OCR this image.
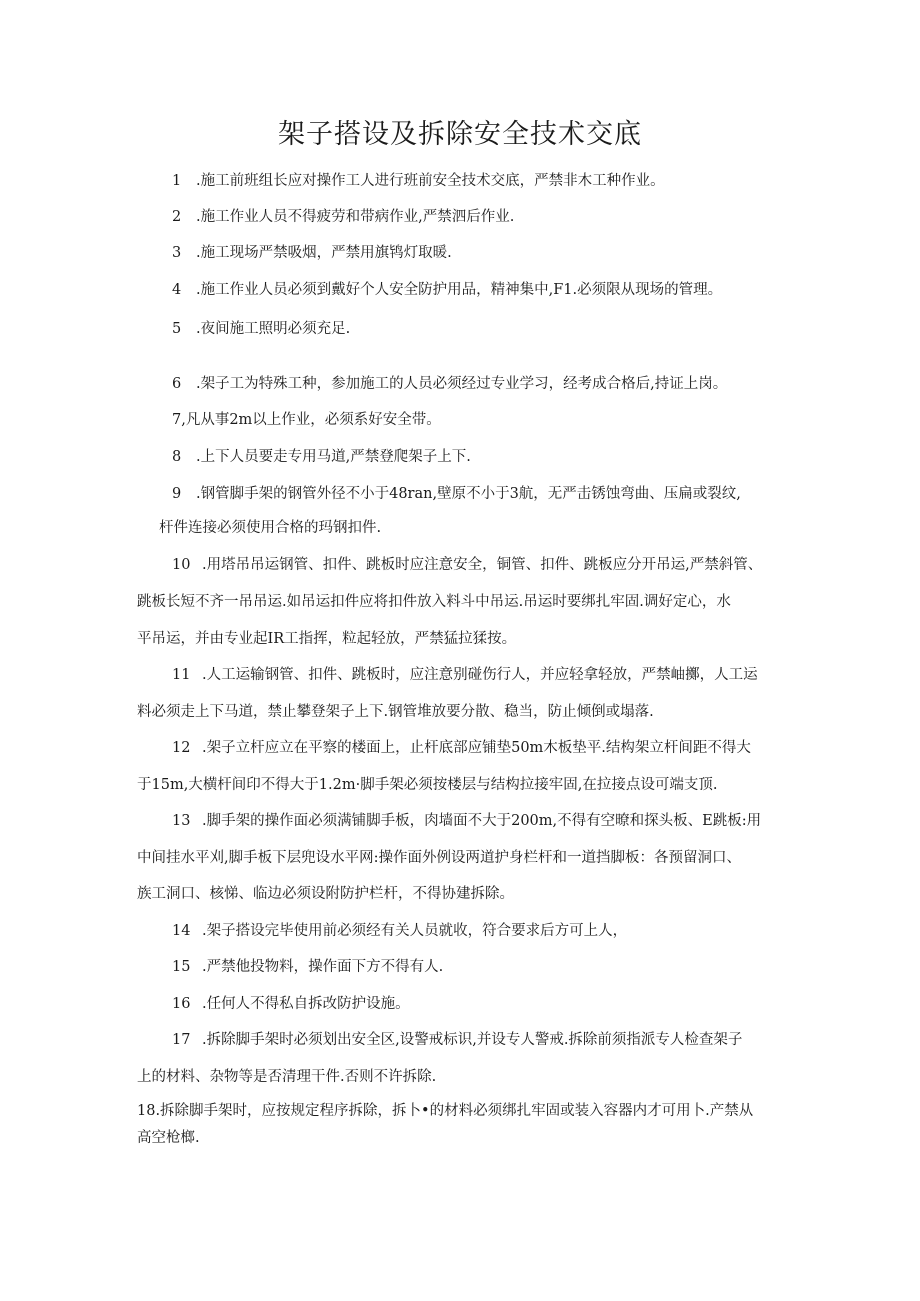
架子搭设及拆除安全技术交底
1 .施工前班组长应对操作工人进行班前安全技术交底，严禁非木工种作业。
2 .施工作业人员不得疲劳和带病作业,严禁泗后作业.
3 .施工现场严禁吸烟，严禁用旗鸨灯取暖.
4 .施工作业人员必须到戴好个人安全防护用品，精神集中,F1.必须限从现场的管理。
5 .夜间施工照明必须充足.
6 .架子工为特殊工种，参加施工的人员必须经过专业学习，经考成合格后,持证上岗。
7,凡从事2m以上作业，必须系好安全带。
8 .上下人员要走专用马道,严禁登爬架子上下.
9 .钢管脚手架的钢管外径不小于48ran,壁原不小于3航，无严击锈蚀弯曲、压扁或裂纹,
杆件连接必须使用合格的玛钢扣件.
10 .用塔吊吊运钢管、扣件、跳板时应注意安全，铜管、扣件、跳板应分开吊运,严禁斜管、
跳板长短不齐一吊吊运.如吊运扣件应将扣件放入料斗中吊运.吊运时要绑扎牢固.调好定心，水
平吊运，并由专业起IR工指挥，粒起轻放，严禁猛拉猱按。
11 .人工运输钢管、扣件、跳板时，应注意别碰伤行人，并应轻拿轻放，严禁岫擲，人工运
料必须走上下马道，禁止攀登架子上下.钢管堆放要分散、稳当，防止倾倒或塌落.
12 .架子立杆应立在平察的楼面上，止杆底部应铺垫50m木板垫平.结构架立杆间距不得大
于15m,大横杆间印不得大于1.2m·脚手架必须按楼层与结构拉接牢固,在拉接点设可端支顶.
13 .脚手架的操作面必须满铺脚手板，肉墙面不大于200m,不得有空暸和探头板、E跳板:用
中间挂水平刈,脚手板下层兜设水平网:操作面外例设两道护身栏杆和一道挡脚板：各预留洞口、
族工洞口、核悌、临边必须设附防护栏杆，不得协建拆除。
14 .架子搭设完毕使用前必须经有关人员就收，符合要求后方可上人，
15 .严禁他投物料，操作面下方不得有人.
16 .任何人不得私自拆改防护设施。
17 .拆除脚手架时必须划出安全区,设警戒标识,并设专人警戒.拆除前须指派专人检查架子
上的材料、杂物等是否清理干件.否则不许拆除.
18.拆除脚手架时，应按规定程序拆除，拆卜•的材料必须绑扎牢固或装入容器内才可用卜.产禁从
高空枪榔.
